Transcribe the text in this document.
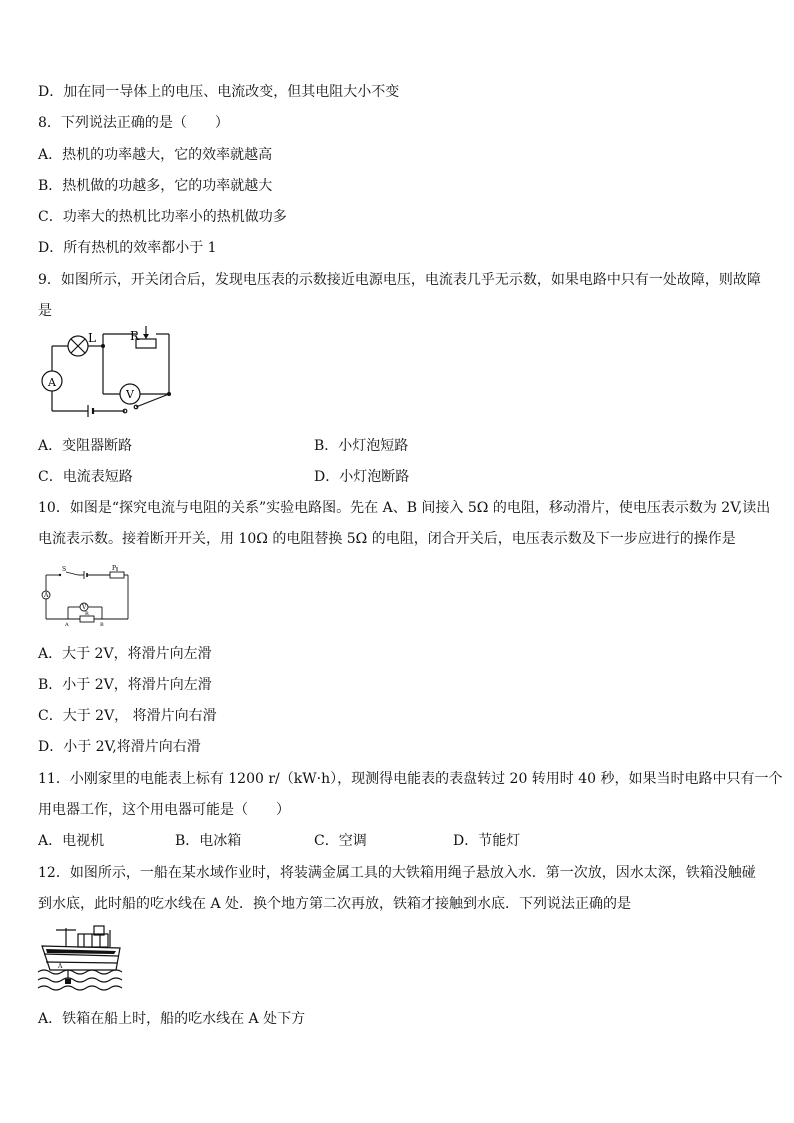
D．加在同一导体上的电压、电流改变，但其电阻大小不变
8．下列说法正确的是（　　）
A．热机的功率越大，它的效率就越高
B．热机做的功越多，它的功率就越大
C．功率大的热机比功率小的热机做功多
D．所有热机的效率都小于 1
9．如图所示，开关闭合后，发现电压表的示数接近电源电压，电流表几乎无示数，如果电路中只有一处故障，则故障
是
A
L	R
V
A．变阻器断路	B．小灯泡短路
C．电流表短路	D．小灯泡断路
10．如图是“探究电流与电阻的关系”实验电路图。先在 A、B 间接入 5Ω 的电阻，移动滑片，使电压表示数为 2V,读出
电流表示数。接着断开开关，用 10Ω 的电阻替换 5Ω 的电阻，闭合开关后，电压表示数及下一步应进行的操作是
S	P
A
V
R
A	B
A．大于 2V，将滑片向左滑
B．小于 2V，将滑片向左滑
C．大于 2V， 将滑片向右滑
D．小于 2V,将滑片向右滑
11．小刚家里的电能表上标有 1200 r/（kW·h），现测得电能表的表盘转过 20 转用时 40 秒，如果当时电路中只有一个
用电器工作，这个用电器可能是（　　）
A．电视机	B．电冰箱	C．空调	D．节能灯
12．如图所示，一船在某水域作业时，将装满金属工具的大铁箱用绳子悬放入水．第一次放，因水太深，铁箱没触碰
到水底，此时船的吃水线在 A 处．换个地方第二次再放，铁箱才接触到水底．下列说法正确的是
A
A．铁箱在船上时，船的吃水线在 A 处下方
